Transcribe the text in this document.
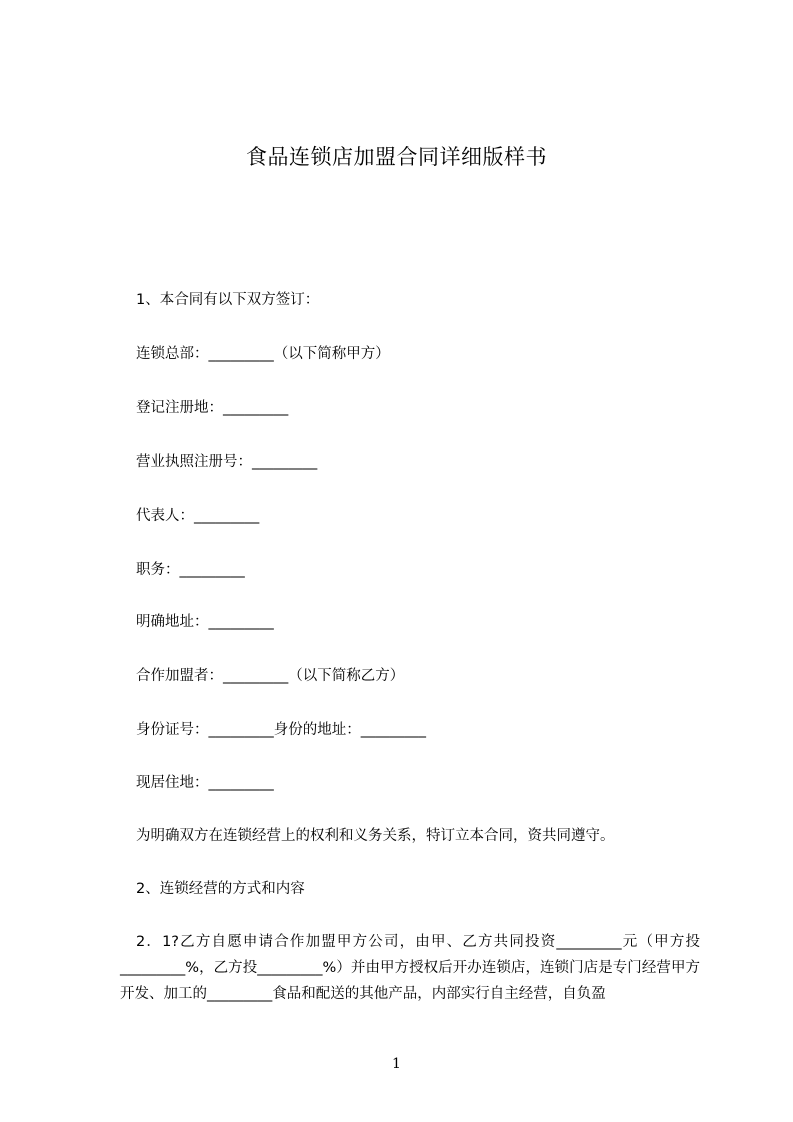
食品连锁店加盟合同详细版样书
1、本合同有以下双方签订：
连锁总部：_________（以下简称甲方）
登记注册地：_________
营业执照注册号：_________
代表人：_________
职务：_________
明确地址：_________
合作加盟者：_________（以下简称乙方）
身份证号：_________身份的地址：_________
现居住地：_________
为明确双方在连锁经营上的权利和义务关系，特订立本合同，资共同遵守。
2、连锁经营的方式和内容
2．1?乙方自愿申请合作加盟甲方公司，由甲、乙方共同投资_________元（甲方投_________%，乙方投_________%）并由甲方授权后开办连锁店，连锁门店是专门经营甲方开发、加工的_________食品和配送的其他产品，内部实行自主经营，自负盈
1
